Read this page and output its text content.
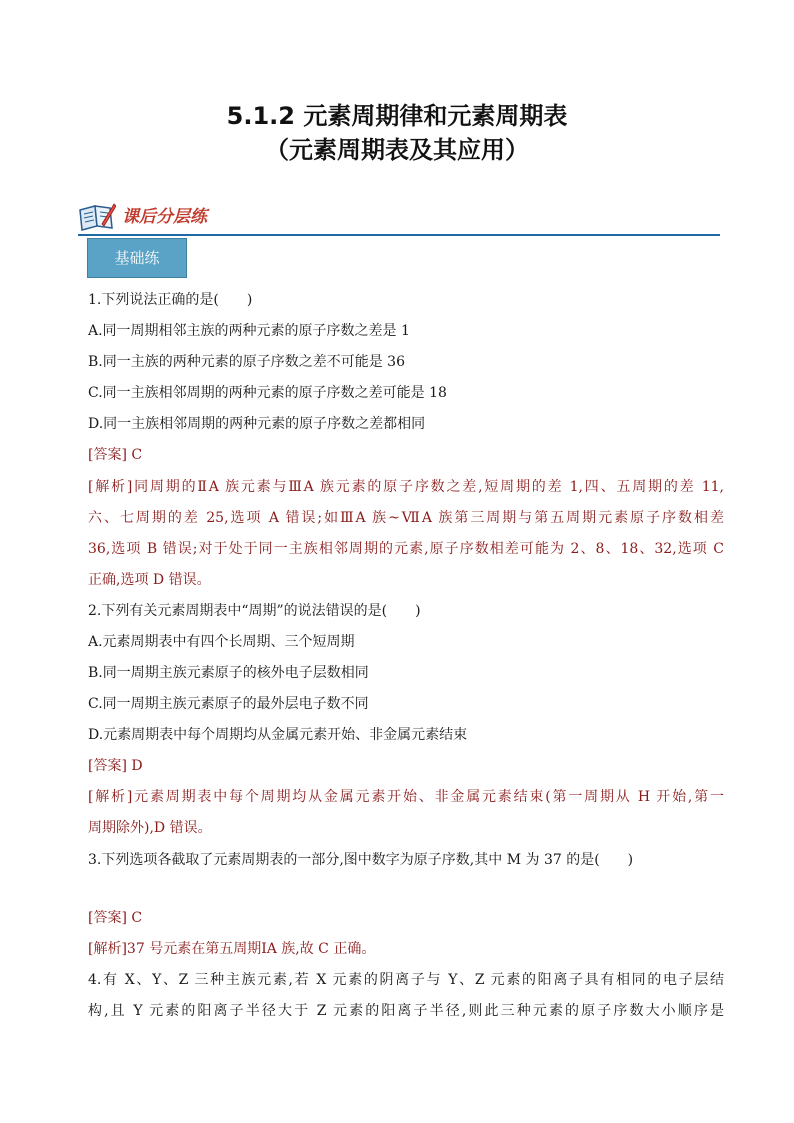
5.1.2 元素周期律和元素周期表
（元素周期表及其应用）
课后分层练
基础练

1.下列说法正确的是(　　)

A.同一周期相邻主族的两种元素的原子序数之差是 1

B.同一主族的两种元素的原子序数之差不可能是 36

C.同一主族相邻周期的两种元素的原子序数之差可能是 18

D.同一主族相邻周期的两种元素的原子序数之差都相同

[答案] C

[解析]同周期的ⅡA 族元素与ⅢA 族元素的原子序数之差,短周期的差 1,四、五周期的差 11,

六、七周期的差 25,选项 A 错误;如ⅢA 族~ⅦA 族第三周期与第五周期元素原子序数相差

36,选项 B 错误;对于处于同一主族相邻周期的元素,原子序数相差可能为 2、8、18、32,选项 C

正确,选项 D 错误。

2.下列有关元素周期表中“周期”的说法错误的是(　　)

A.元素周期表中有四个长周期、三个短周期

B.同一周期主族元素原子的核外电子层数相同

C.同一周期主族元素原子的最外层电子数不同

D.元素周期表中每个周期均从金属元素开始、非金属元素结束

[答案] D

[解析]元素周期表中每个周期均从金属元素开始、非金属元素结束(第一周期从 H 开始,第一

周期除外),D 错误。

3.下列选项各截取了元素周期表的一部分,图中数字为原子序数,其中 M 为 37 的是(　　)

[答案] C

[解析]37 号元素在第五周期ⅠA 族,故 C 正确。

4.有 X、Y、Z 三种主族元素,若 X 元素的阴离子与 Y、Z 元素的阳离子具有相同的电子层结

构,且 Y 元素的阳离子半径大于 Z 元素的阳离子半径,则此三种元素的原子序数大小顺序是
